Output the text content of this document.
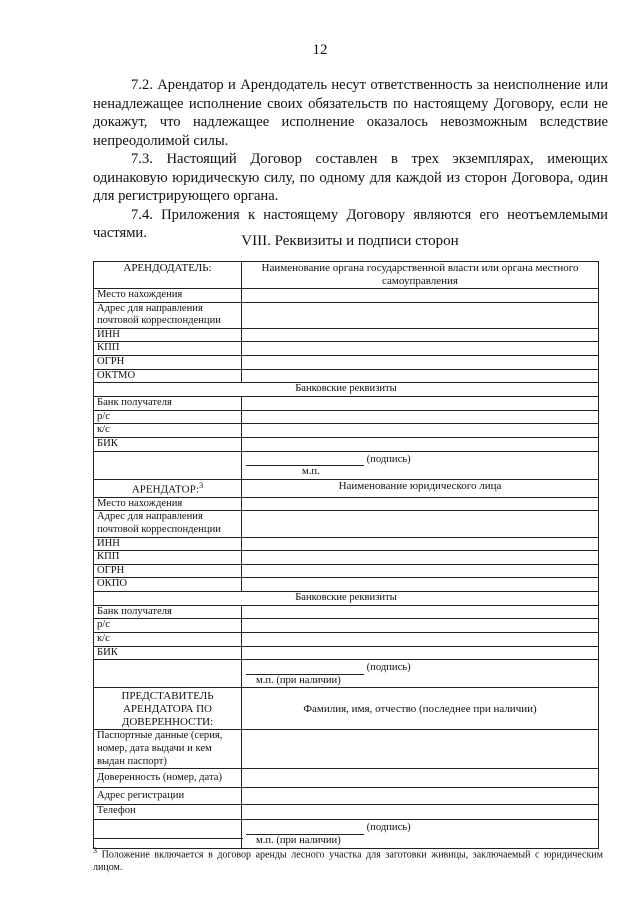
12

7.2. Арендатор и Арендодатель несут ответственность за неисполнение или ненадлежащее исполнение своих обязательств по настоящему Договору, если не докажут, что надлежащее исполнение оказалось невозможным вследствие непреодолимой силы.

7.3. Настоящий Договор составлен в трех экземплярах, имеющих одинаковую юридическую силу, по одному для каждой из сторон Договора, один для регистрирующего органа.

7.4. Приложения к настоящему Договору являются его неотъемлемыми частями.	VIII. Реквизиты и подписи сторон
АРЕНДОДАТЕЛЬ:	Наименование органа государственной власти или органа местного самоуправления
Место нахождения	
Адрес для направления почтовой корреспонденции	
ИНН	
КПП	
ОГРН	
ОКТМО	
Банковские реквизиты	
Банк получателя	
р/с	
к/с	
БИК	
	(подпись)
м.п.
АРЕНДАТОР:$^3$	Наименование юридического лица
Место нахождения	
Адрес для направления почтовой корреспонденции	
ИНН	
КПП	
ОГРН	
ОКПО	
Банковские реквизиты	
Банк получателя	
р/с	
к/с	
БИК	
	(подпись)
м.п. (при наличии)
ПРЕДСТАВИТЕЛЬ АРЕНДАТОРА ПО ДОВЕРЕННОСТИ:	Фамилия, имя, отчество (последнее при наличии)
Паспортные данные (серия, номер, дата выдачи и кем выдан паспорт)	
Доверенность (номер, дата)	
Адрес регистрации	
Телефон	
	(подпись)
м.п. (при наличии)
$^3$ Положение включается в договор аренды лесного участка для заготовки живицы, заключаемый с юридическим лицом.
